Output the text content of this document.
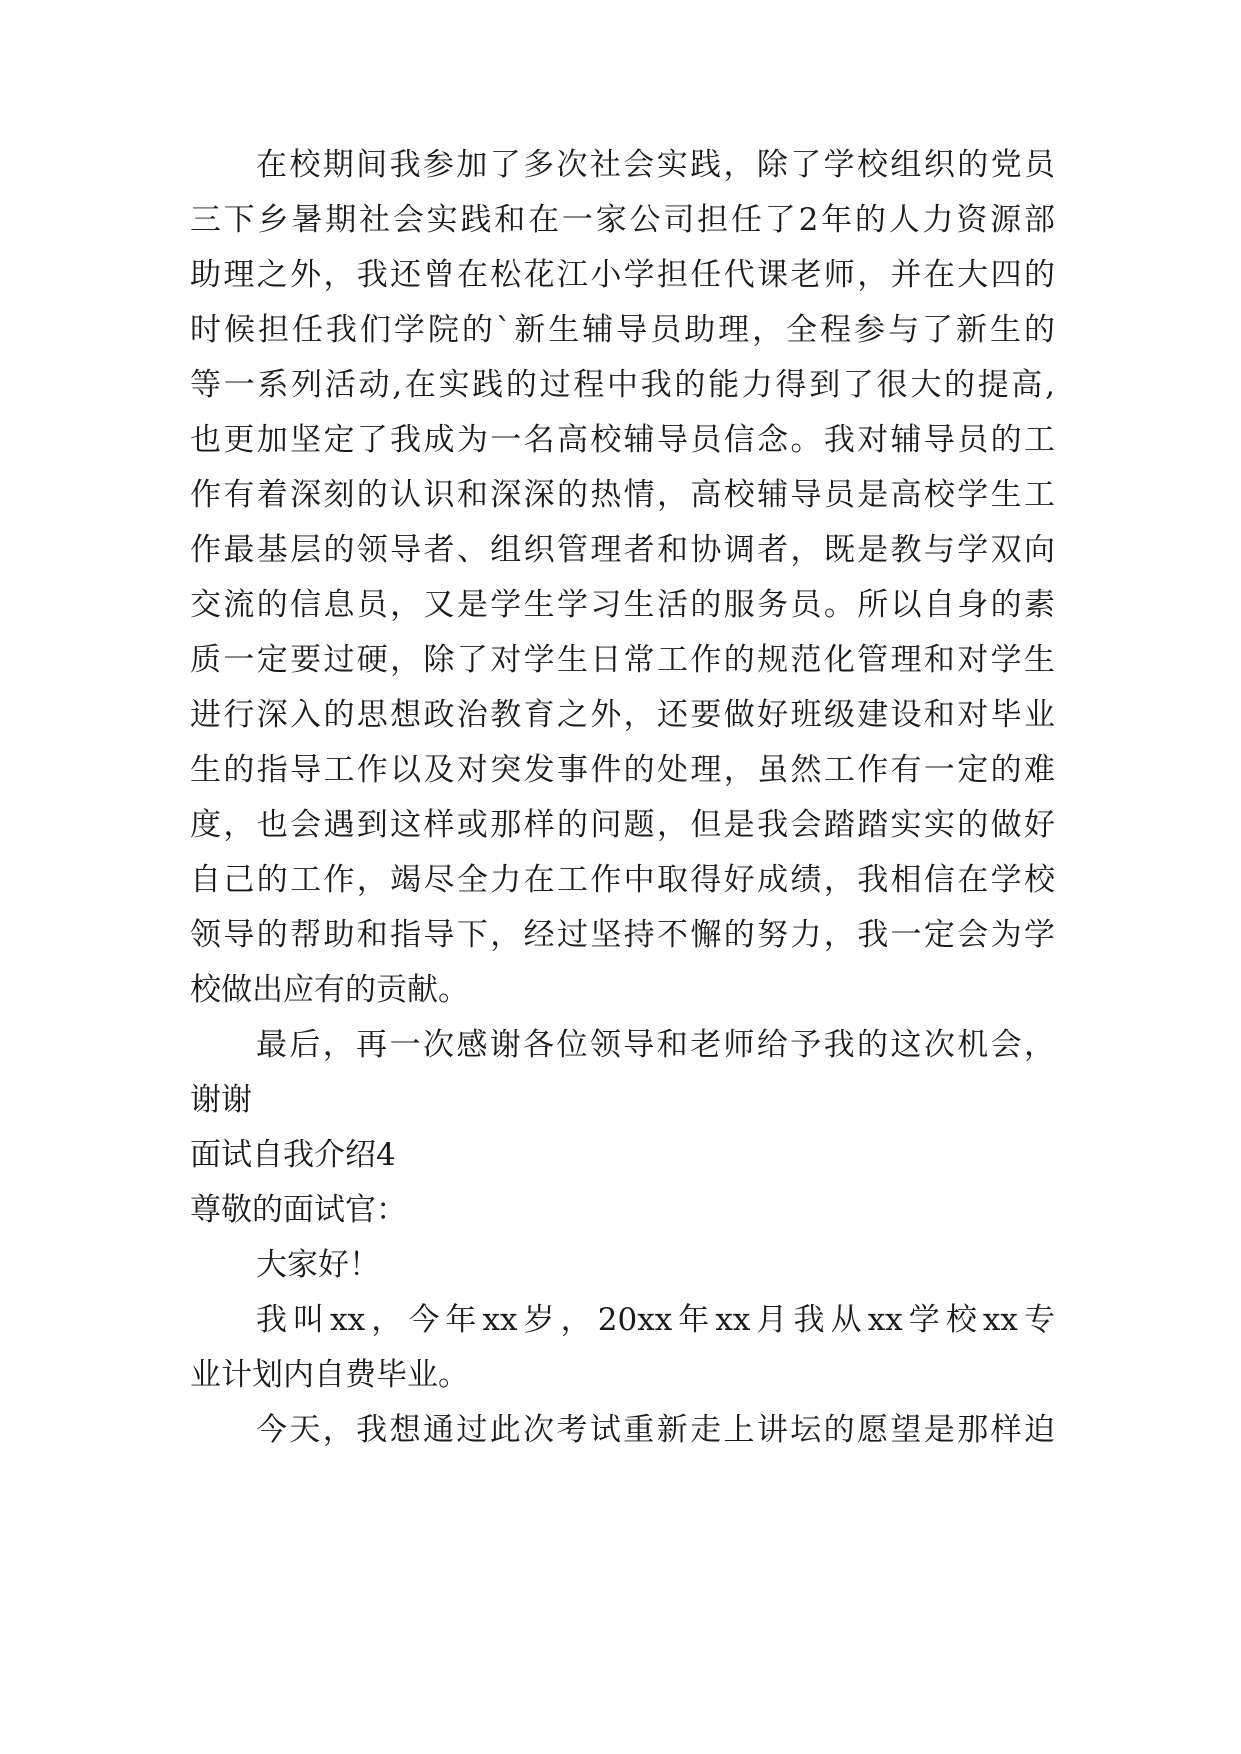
在校期间我参加了多次社会实践，除了学校组织的党员
三下乡暑期社会实践和在一家公司担任了2年的人力资源部
助理之外，我还曾在松花江小学担任代课老师，并在大四的
时候担任我们学院的`新生辅导员助理，全程参与了新生的
等一系列活动,在实践的过程中我的能力得到了很大的提高,
也更加坚定了我成为一名高校辅导员信念。我对辅导员的工
作有着深刻的认识和深深的热情，高校辅导员是高校学生工
作最基层的领导者、组织管理者和协调者，既是教与学双向
交流的信息员，又是学生学习生活的服务员。所以自身的素
质一定要过硬，除了对学生日常工作的规范化管理和对学生
进行深入的思想政治教育之外，还要做好班级建设和对毕业
生的指导工作以及对突发事件的处理，虽然工作有一定的难
度，也会遇到这样或那样的问题，但是我会踏踏实实的做好
自己的工作，竭尽全力在工作中取得好成绩，我相信在学校
领导的帮助和指导下，经过坚持不懈的努力，我一定会为学
校做出应有的贡献。
最后，再一次感谢各位领导和老师给予我的这次机会，
谢谢
面试自我介绍4
尊敬的面试官：
大家好！
我叫xx，今年xx岁，20xx年xx月我从xx学校xx专
业计划内自费毕业。
今天，我想通过此次考试重新走上讲坛的愿望是那样迫
